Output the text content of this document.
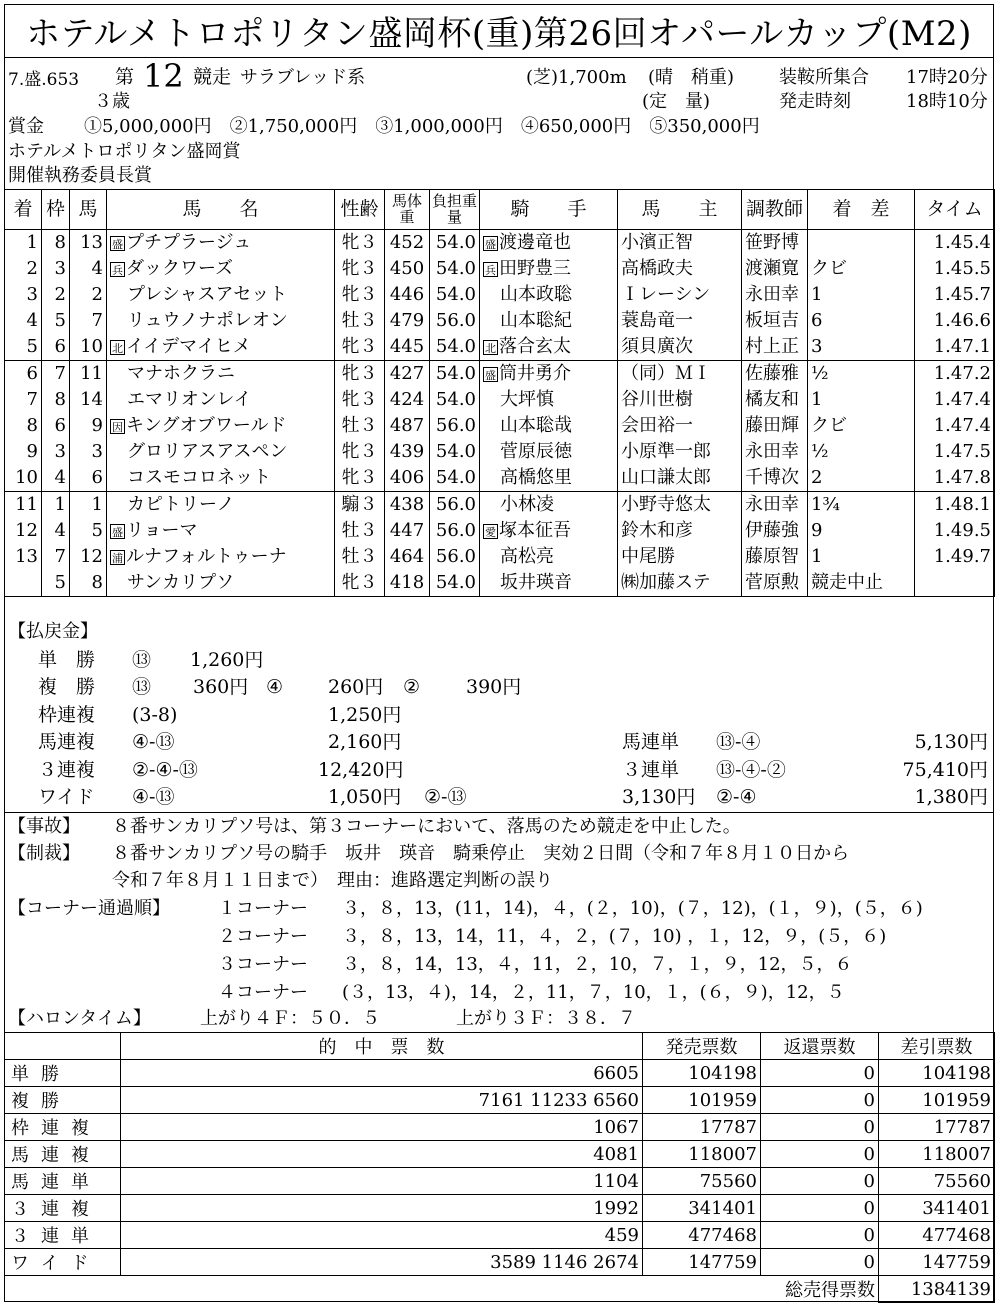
ホテルメトロポリタン盛岡杯(重)第26回オパールカップ(M2)
7.盛.653 第 12 競走 サラブレッド系
３歳
(芝)1,700m (晴　稍重)
(定　量)
装鞍所集合 17時20分
発走時刻	18時10分
賞金 ①5,000,000円　②1,750,000円　③1,000,000円　④650,000円　⑤350,000円
ホテルメトロポリタン盛岡賞
開催執務委員長賞
着	枠	馬	馬　　名	性齢	馬体重	負担重量	騎　　手	馬　　主	調教師	着　差	タイム
1	8	13	盛 プチプラージュ	牝３	452	54.0	盛 渡邊竜也	小濱正智	笹野博		1.45.4
2	3	4	兵 ダックワーズ	牝３	450	54.0	兵 田野豊三	高橋政夫	渡瀬寛	クビ	1.45.5
3	2	2	プレシャスアセット	牝３	446	54.0	山本政聡	Ｉレーシン	永田幸	1	1.45.7
4	5	7	リュウノナポレオン	牡３	479	56.0	山本聡紀	蓑島竜一	板垣吉	6	1.46.6
5	6	10	北 イイデマイヒメ	牝３	445	54.0	北 落合玄太	須貝廣次	村上正	3	1.47.1
6	7	11	マナホクラニ	牝３	427	54.0	盛 筒井勇介	（同）ＭＩ	佐藤雅	½	1.47.2
7	8	14	エマリオンレイ	牝３	424	54.0	大坪慎	谷川世樹	橘友和	1	1.47.4
8	6	9	因 キングオブワールド	牡３	487	56.0	山本聡哉	会田裕一	藤田輝	クビ	1.47.4
9	3	3	グロリアスアスペン	牝３	439	54.0	菅原辰徳	小原準一郎	永田幸	½	1.47.5
10	4	6	コスモコロネット	牝３	406	54.0	高橋悠里	山口謙太郎	千博次	2	1.47.8
11	1	1	カピトリーノ	騸３	438	56.0	小林凌	小野寺悠太	永田幸	1¾	1.48.1
12	4	5	盛 リョーマ	牡３	447	56.0	愛 塚本征吾	鈴木和彦	伊藤強	9	1.49.5
13	7	12	浦 ルナフォルトゥーナ	牡３	464	56.0	高松亮	中尾勝	藤原智	1	1.49.7
	5	8	サンカリプソ	牝３	418	54.0	坂井瑛音	㈱加藤ステ	菅原勲	競走中止	
【払戻金】
単　勝 ⑬ 1,260円
複　勝 ⑬ 360円 ④ 260円 ② 390円
枠連複 (3-8)	1,250円
馬連複 ④-⑬	2,160円	馬連単 ⑬-④	5,130円
３連複 ②-④-⑬	12,420円	３連単 ⑬-④-②	75,410円
ワイド ④-⑬	1,050円 ②-⑬	3,130円 ②-④	1,380円
【事故】 ８番サンカリプソ号は、第３コーナーにおいて、落馬のため競走を中止した。
【制裁】 ８番サンカリプソ号の騎手　坂井　瑛音　騎乗停止　実効２日間（令和７年８月１０日から
令和７年８月１１日まで）　理由：進路選定判断の誤り
【コーナー通過順】	１コーナー ３，８，13，(11，14)，４，(２，10)，(７，12)，(１，９)，(５，６)
２コーナー ３，８，13，14，11，４，２，(７，10) ，１，12，９，(５，６)
３コーナー ３，８，14，13，４，11，２，10，７，１，９，12，５，６
４コーナー (３，13，４)，14，２，11，７，10，１，(６，９)，12，５
【ハロンタイム】	上がり４Ｆ：５０．５	上がり３Ｆ：３８．７
	的　中　票　数	発売票数	返還票数	差引票数
単勝	6605	104198	0	104198
複勝	7161 11233 6560	101959	0	101959
枠連複	1067	17787	0	17787
馬連複	4081	118007	0	118007
馬連単	1104	75560	0	75560
３連複	1992	341401	0	341401
３連単	459	477468	0	477468
ワイド	3589 1146 2674	147759	0	147759
総売得票数				1384139
